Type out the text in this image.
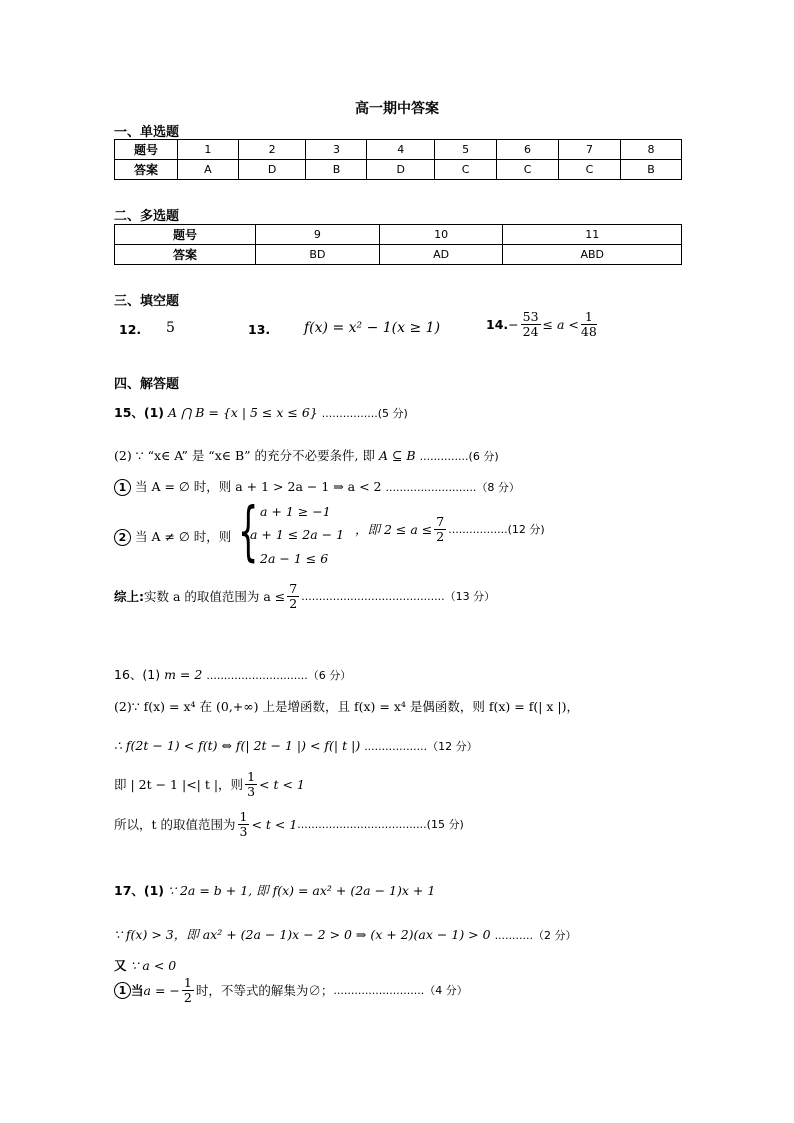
高一期中答案
一、单选题
题号	1	2	3	4	5	6	7	8
答案	A	D	B	D	C	C	C	B
二、多选题
题号	9	10	11
答案	BD	AD	ABD
三、填空题
12. 5	13. f(x) = x² − 1(x ≥ 1)	14. − $\frac{53}{24} \le a < \frac{1}{48}$
四、解答题
15、(1) A ⋂ B = {x | 5 ≤ x ≤ 6} ................(5 分)
(2) ∵ “x∈ A” 是 “x∈ B” 的充分不必要条件, 即 A ⊆ B ..............(6 分)
1 当 A = ∅ 时，则 a + 1 > 2a − 1 ⇒ a < 2 ..........................（8 分）
2 当 A ≠ ∅ 时，则 { a + 1 ≥ −1
a + 1 ≤ 2a − 1
2a − 1 ≤ 6
，即 $2 \le a \le \frac{7}{2} .................(12$ 分)
综上: 实数 a 的取值范围为 $a \le \frac{7}{2} .........................................(13$ 分）
16、(1) m = 2 .............................（6 分）
(2)∵ f(x) = x⁴ 在 (0,+∞) 上是增函数，且 f(x) = x⁴ 是偶函数，则 f(x) = f(| x |)，
∴ f(2t − 1) < f(t) ⇔ f(| 2t − 1 |) < f(| t |) ..................（12 分）
即 | 2t − 1 |<| t |，则 $\frac{1}{3} < t < 1$
所以，t 的取值范围为 $\frac{1}{3} < t < 1$ .....................................(15 分)
17、(1) ∵ 2a = b + 1, 即 f(x) = ax² + (2a − 1)x + 1
∵ f(x) > 3，即 ax² + (2a − 1)x − 2 > 0 ⇒ (x + 2)(ax − 1) > 0 ...........（2 分）
又 ∵ a < 0
1 当 a = − $\frac{1}{2}$ 时，不等式的解集为∅； ..........................（4 分）
